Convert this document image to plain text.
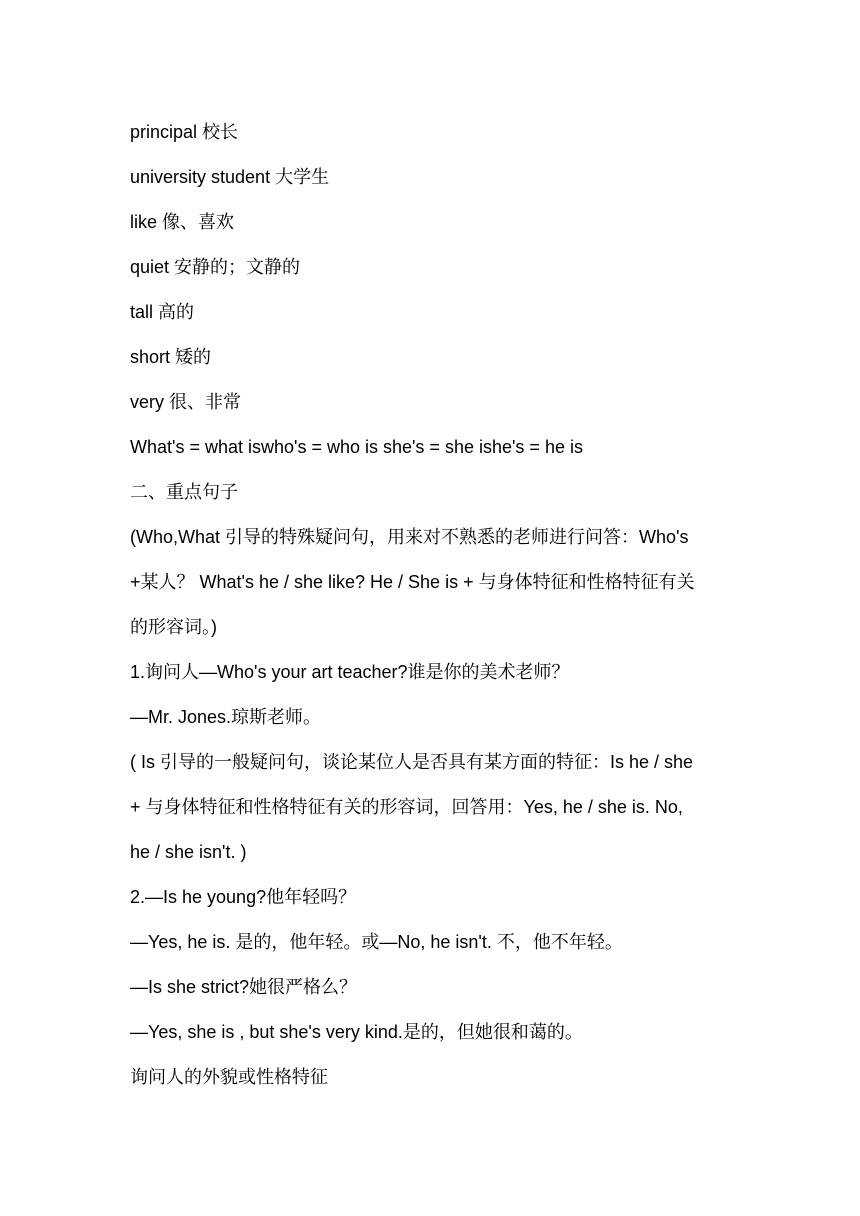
principal 校长
university student 大学生
like 像、喜欢
quiet 安静的；文静的
tall 高的
short 矮的
very 很、非常
What's = what iswho's = who is she's = she ishe's = he is
二、重点句子
(Who,What 引导的特殊疑问句，用来对不熟悉的老师进行问答：Who's
+某人？ What's he / she like? He / She is + 与身体特征和性格特征有关
的形容词。)
1.询问人—Who's your art teacher?谁是你的美术老师？
—Mr. Jones.琼斯老师。
( Is 引导的一般疑问句，谈论某位人是否具有某方面的特征：Is he / she
+ 与身体特征和性格特征有关的形容词，回答用：Yes, he / she is. No,
he / she isn't. )
2.—Is he young?他年轻吗？
—Yes, he is. 是的，他年轻。或—No, he isn't. 不，他不年轻。
—Is she strict?她很严格么？
—Yes, she is , but she's very kind.是的，但她很和蔼的。
询问人的外貌或性格特征
